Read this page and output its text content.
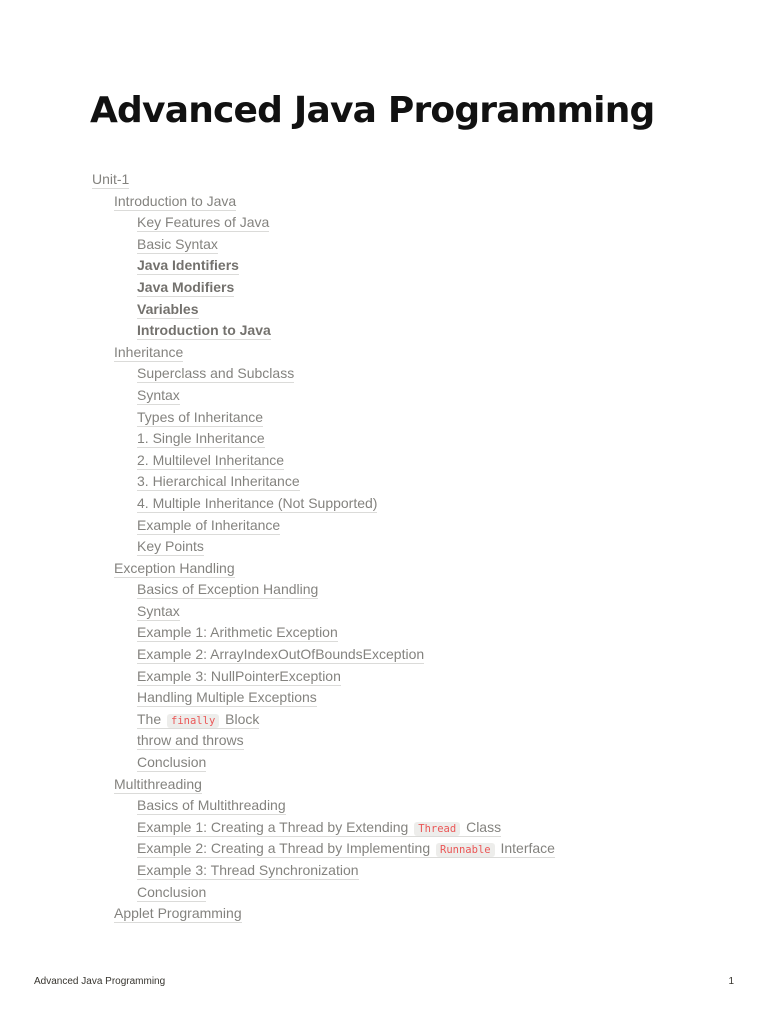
Advanced Java Programming
Unit-1
Introduction to Java
Key Features of Java
Basic Syntax
Java Identifiers
Java Modifiers
Variables
Introduction to Java
Inheritance
Superclass and Subclass
Syntax
Types of Inheritance
1. Single Inheritance
2. Multilevel Inheritance
3. Hierarchical Inheritance
4. Multiple Inheritance (Not Supported)
Example of Inheritance
Key Points
Exception Handling
Basics of Exception Handling
Syntax
Example 1: Arithmetic Exception
Example 2: ArrayIndexOutOfBoundsException
Example 3: NullPointerException
Handling Multiple Exceptions
The finally Block
throw and throws
Conclusion
Multithreading
Basics of Multithreading
Example 1: Creating a Thread by Extending Thread Class
Example 2: Creating a Thread by Implementing Runnable Interface
Example 3: Thread Synchronization
Conclusion
Applet Programming
Advanced Java Programming	1
